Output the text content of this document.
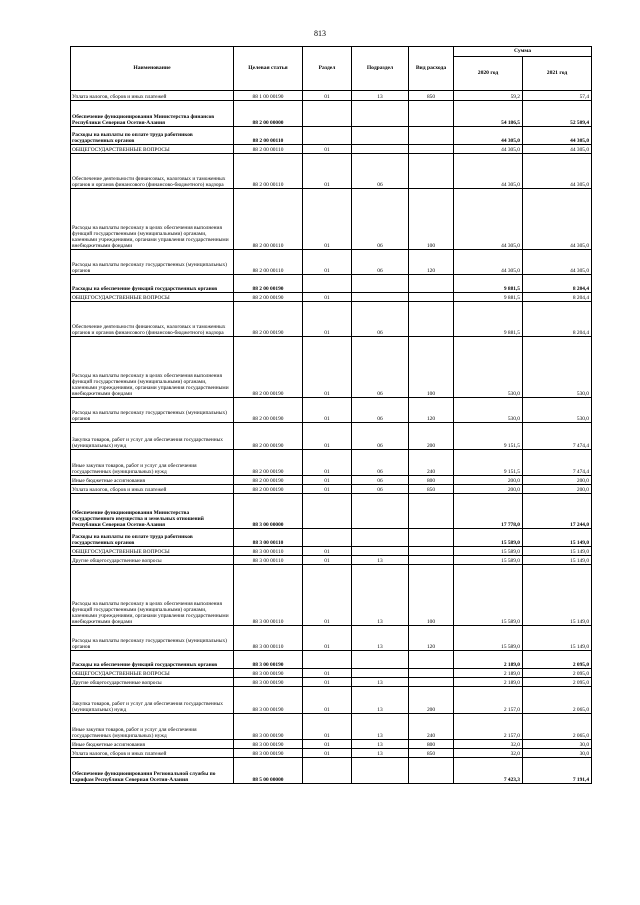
813
Наименование	Целевая статья	Раздел	Подраздел	Вид расхода	Сумма	
					2020 год	2021 год
Уплата налогов, сборов и иных платежей	88 1 00 00190	01	13	850	59,2	57,4
Обеспечение функционирования Министерства финансов Республики Северная Осетия-Алания	88 2 00 00000				54 186,5	52 509,4
Расходы на выплаты по оплате труда работников государственных органов	88 2 00 00110				44 305,0	44 305,0
ОБЩЕГОСУДАРСТВЕННЫЕ ВОПРОСЫ	88 2 00 00110	01			44 305,0	44 305,0
Обеспечение деятельности финансовых, налоговых и таможенных органов и органов финансового (финансово-бюджетного) надзора	88 2 00 00110	01	06		44 305,0	44 305,0
Расходы на выплаты персоналу в целях обеспечения выполнения функций государственными (муниципальными) органами, казенными учреждениями, органами управления государственными внебюджетными фондами	88 2 00 00110	01	06	100	44 305,0	44 305,0
Расходы на выплаты персоналу государственных (муниципальных) органов	88 2 00 00110	01	06	120	44 305,0	44 305,0
Расходы на обеспечение функций государственных органов	88 2 00 00190				9 881,5	8 204,4
ОБЩЕГОСУДАРСТВЕННЫЕ ВОПРОСЫ	88 2 00 00190	01			9 881,5	8 204,4
Обеспечение деятельности финансовых, налоговых и таможенных органов и органов финансового (финансово-бюджетного) надзора	88 2 00 00190	01	06		9 881,5	8 204,4
Расходы на выплаты персоналу в целях обеспечения выполнения функций государственными (муниципальными) органами, казенными учреждениями, органами управления государственными внебюджетными фондами	88 2 00 00190	01	06	100	530,0	530,0
Расходы на выплаты персоналу государственных (муниципальных) органов	88 2 00 00190	01	06	120	530,0	530,0
Закупка товаров, работ и услуг для обеспечения государственных (муниципальных) нужд	88 2 00 00190	01	06	200	9 151,5	7 474,4
Иные закупки товаров, работ и услуг для обеспечения государственных (муниципальных) нужд	88 2 00 00190	01	06	240	9 151,5	7 474,4
Иные бюджетные ассигнования	88 2 00 00190	01	06	800	200,0	200,0
Уплата налогов, сборов и иных платежей	88 2 00 00190	01	06	850	200,0	200,0
Обеспечение функционирования Министерства государственного имущества и земельных отношений Республики Северная Осетия-Алания	88 3 00 00000				17 778,0	17 244,0
Расходы на выплаты по оплате труда работников государственных органов	88 3 00 00110				15 589,0	15 149,0
ОБЩЕГОСУДАРСТВЕННЫЕ ВОПРОСЫ	88 3 00 00110	01			15 589,0	15 149,0
Другие общегосударственные вопросы	88 3 00 00110	01	13		15 589,0	15 149,0
Расходы на выплаты персоналу в целях обеспечения выполнения функций государственными (муниципальными) органами, казенными учреждениями, органами управления государственными внебюджетными фондами	88 3 00 00110	01	13	100	15 589,0	15 149,0
Расходы на выплаты персоналу государственных (муниципальных) органов	88 3 00 00110	01	13	120	15 589,0	15 149,0
Расходы на обеспечение функций государственных органов	88 3 00 00190				2 189,0	2 095,0
ОБЩЕГОСУДАРСТВЕННЫЕ ВОПРОСЫ	88 3 00 00190	01			2 189,0	2 095,0
Другие общегосударственные вопросы	88 3 00 00190	01	13		2 189,0	2 095,0
Закупка товаров, работ и услуг для обеспечения государственных (муниципальных) нужд	88 3 00 00190	01	13	200	2 157,0	2 065,0
Иные закупки товаров, работ и услуг для обеспечения государственных (муниципальных) нужд	88 3 00 00190	01	13	240	2 157,0	2 065,0
Иные бюджетные ассигнования	88 3 00 00190	01	13	800	32,0	30,0
Уплата налогов, сборов и иных платежей	88 3 00 00190	01	13	850	32,0	30,0
Обеспечение функционирования Региональной службы по тарифам Республики Северная Осетия-Алания	88 5 00 00000				7 423,3	7 191,4
